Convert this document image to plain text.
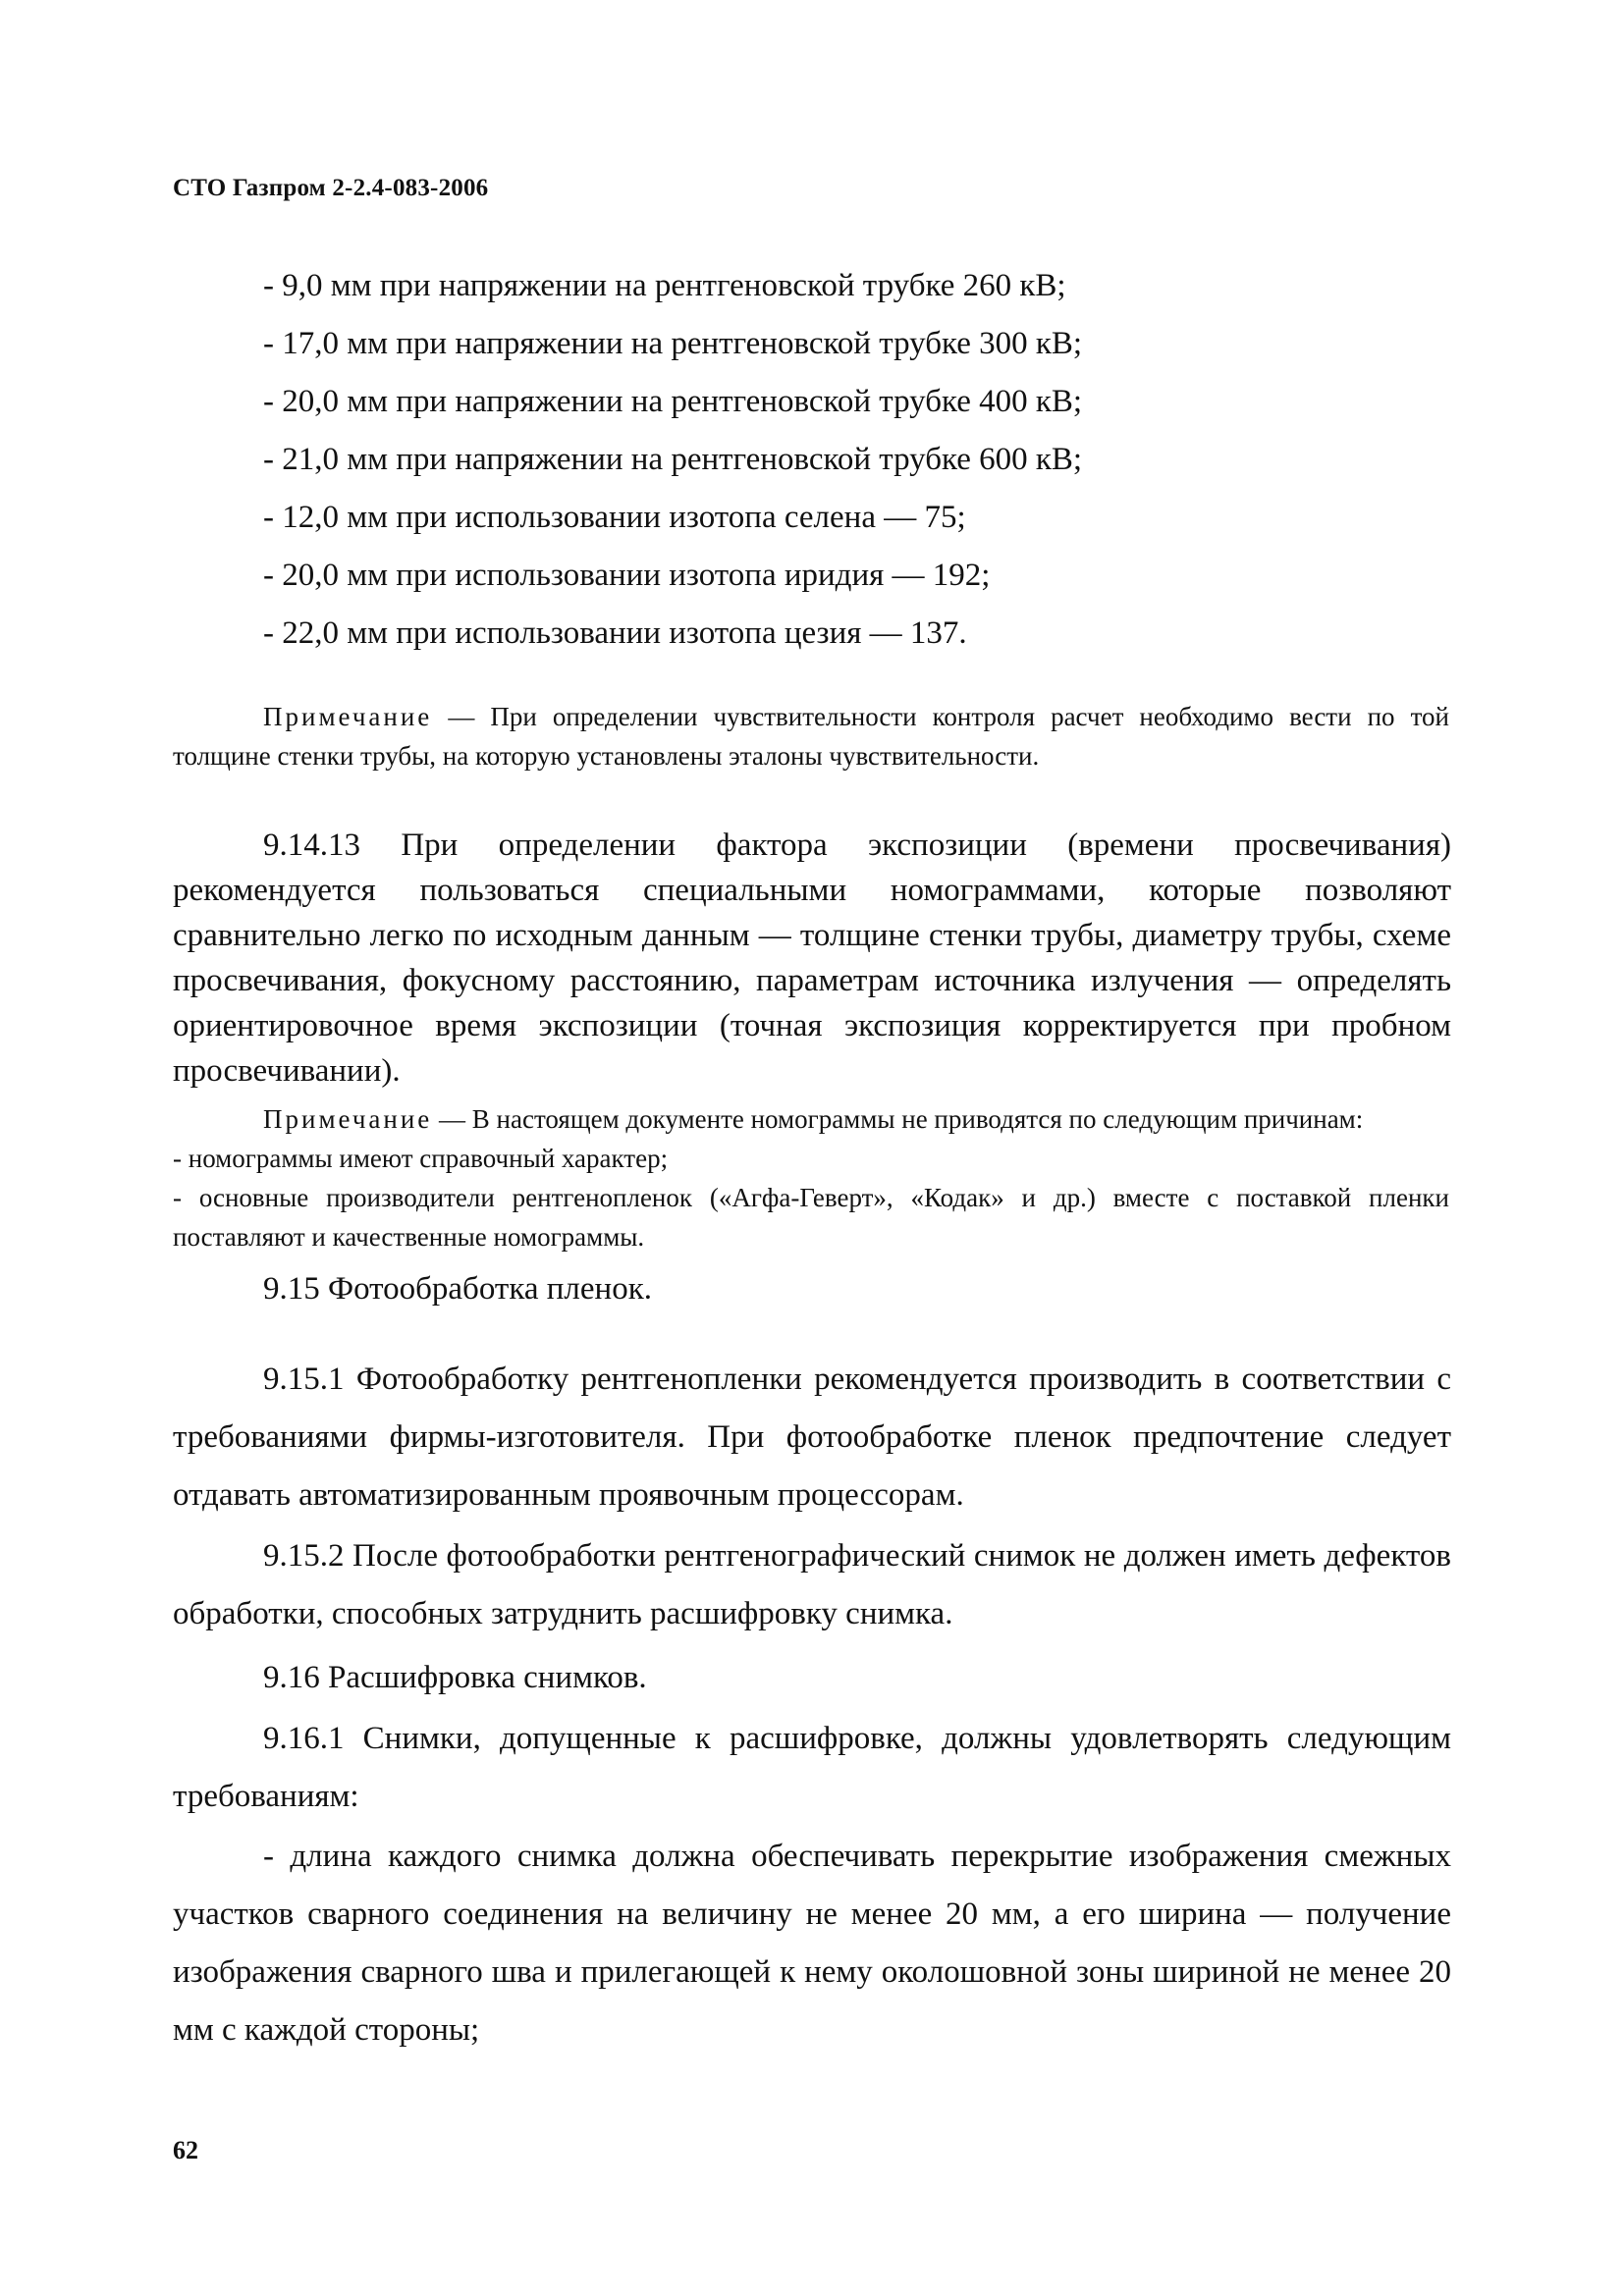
СТО Газпром 2-2.4-083-2006
- 9,0 мм при напряжении на рентгеновской трубке 260 кВ;
- 17,0 мм при напряжении на рентгеновской трубке 300 кВ;
- 20,0 мм при напряжении на рентгеновской трубке 400 кВ;
- 21,0 мм при напряжении на рентгеновской трубке 600 кВ;
- 12,0 мм при использовании изотопа селена — 75;
- 20,0 мм при использовании изотопа иридия — 192;
- 22,0 мм при использовании изотопа цезия — 137.

Примечание — При определении чувствительности контроля расчет необходимо вести по той толщине стенки трубы, на которую установлены эталоны чувствительности.

9.14.13 При определении фактора экспозиции (времени просвечивания) рекомендуется пользоваться специальными номограммами, которые позволяют сравнительно легко по исходным данным — толщине стенки трубы, диаметру трубы, схеме просвечивания, фокусному расстоянию, параметрам источника излучения — определять ориентировочное время экспозиции (точная экспозиция корректируется при пробном просвечивании).

Примечание — В настоящем документе номограммы не приводятся по следующим причинам:

- номограммы имеют справочный характер;

- основные производители рентгенопленок («Агфа-Геверт», «Кодак» и др.) вместе с поставкой пленки поставляют и качественные номограммы.

9.15 Фотообработка пленок.

9.15.1 Фотообработку рентгенопленки рекомендуется производить в соответствии с требованиями фирмы-изготовителя. При фотообработке пленок предпочтение следует отдавать автоматизированным проявочным процессорам.

9.15.2 После фотообработки рентгенографический снимок не должен иметь дефектов обработки, способных затруднить расшифровку снимка.

9.16 Расшифровка снимков.

9.16.1 Снимки, допущенные к расшифровке, должны удовлетворять следующим требованиям:

- длина каждого снимка должна обеспечивать перекрытие изображения смежных участков сварного соединения на величину не менее 20 мм, а его ширина — получение изображения сварного шва и прилегающей к нему околошовной зоны шириной не менее 20 мм с каждой стороны;

62
